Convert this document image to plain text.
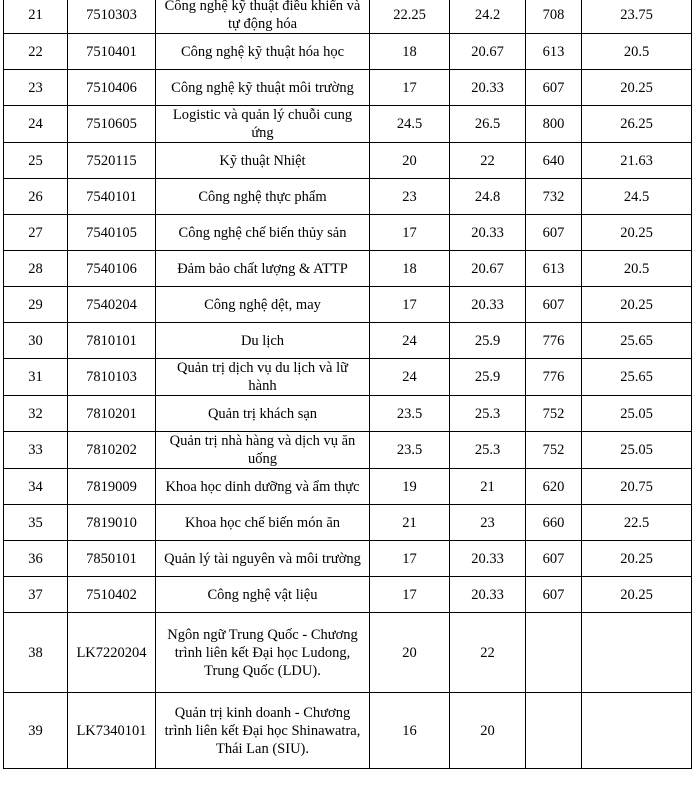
21	7510303	Công nghệ kỹ thuật điều khiển và tự động hóa	22.25	24.2	708	23.75
22	7510401	Công nghệ kỹ thuật hóa học	18	20.67	613	20.5
23	7510406	Công nghệ kỹ thuật môi trường	17	20.33	607	20.25
24	7510605	Logistic và quản lý chuỗi cung ứng	24.5	26.5	800	26.25
25	7520115	Kỹ thuật Nhiệt	20	22	640	21.63
26	7540101	Công nghệ thực phẩm	23	24.8	732	24.5
27	7540105	Công nghệ chế biến thủy sản	17	20.33	607	20.25
28	7540106	Đảm bảo chất lượng & ATTP	18	20.67	613	20.5
29	7540204	Công nghệ dệt, may	17	20.33	607	20.25
30	7810101	Du lịch	24	25.9	776	25.65
31	7810103	Quản trị dịch vụ du lịch và lữ hành	24	25.9	776	25.65
32	7810201	Quản trị khách sạn	23.5	25.3	752	25.05
33	7810202	Quản trị nhà hàng và dịch vụ ăn uống	23.5	25.3	752	25.05
34	7819009	Khoa học dinh dưỡng và ẩm thực	19	21	620	20.75
35	7819010	Khoa học chế biến món ăn	21	23	660	22.5
36	7850101	Quản lý tài nguyên và môi trường	17	20.33	607	20.25
37	7510402	Công nghệ vật liệu	17	20.33	607	20.25
38	LK7220204	Ngôn ngữ Trung Quốc - Chương trình liên kết Đại học Ludong, Trung Quốc (LDU).	20	22		
39	LK7340101	Quản trị kinh doanh - Chương trình liên kết Đại học Shinawatra, Thái Lan (SIU).	16	20		
